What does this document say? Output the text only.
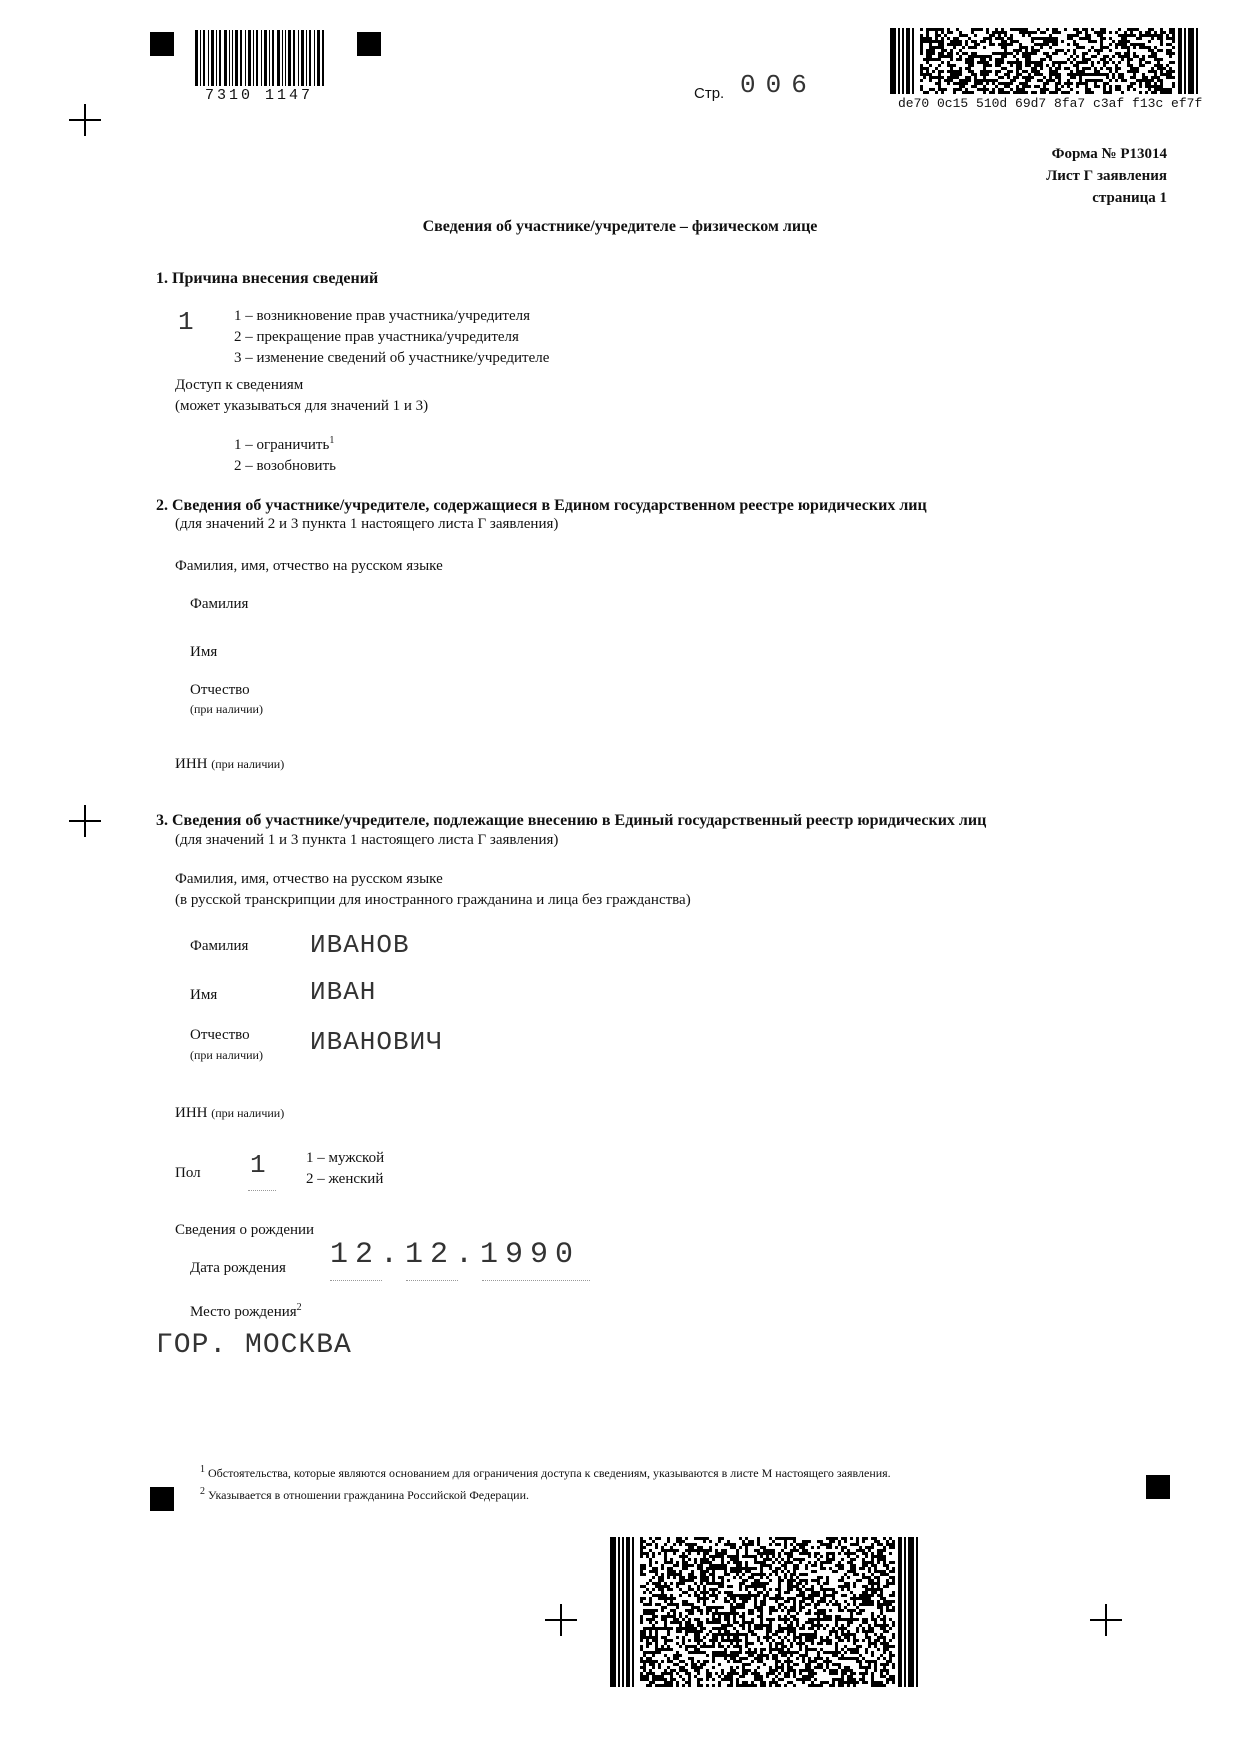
7310 1147	Стр. 006
de70 0c15 510d 69d7 8fa7 c3af f13c ef7f
Форма № Р13014
Лист Г заявления
страница 1
Сведения об участнике/учредителе – физическом лице
1. Причина внесения сведений
1	1 – возникновение прав участника/учредителя
2 – прекращение прав участника/учредителя
3 – изменение сведений об участнике/учредителе
Доступ к сведениям
(может указываться для значений 1 и 3)
1 – ограничить$^1$
2 – возобновить
2. Сведения об участнике/учредителе, содержащиеся в Едином государственном реестре юридических лиц
(для значений 2 и 3 пункта 1 настоящего листа Г заявления)
Фамилия, имя, отчество на русском языке
Фамилия
Имя
Отчество
(при наличии)
ИНН (при наличии)
3. Сведения об участнике/учредителе, подлежащие внесению в Единый государственный реестр юридических лиц
(для значений 1 и 3 пункта 1 настоящего листа Г заявления)
Фамилия, имя, отчество на русском языке
(в русской транскрипции для иностранного гражданина и лица без гражданства)
Фамилия ИВАНОВ
Имя	ИВАН
Отчество
(при наличии) ИВАНОВИЧ
ИНН (при наличии)
Пол 1	1 – мужской
2 – женский
Сведения о рождении
Дата рождения 12.12.1990
Место рождения$^2$
ГОР. МОСКВА
$^1$ Обстоятельства, которые являются основанием для ограничения доступа к сведениям, указываются в листе М настоящего заявления.
$^2$ Указывается в отношении гражданина Российской Федерации.
